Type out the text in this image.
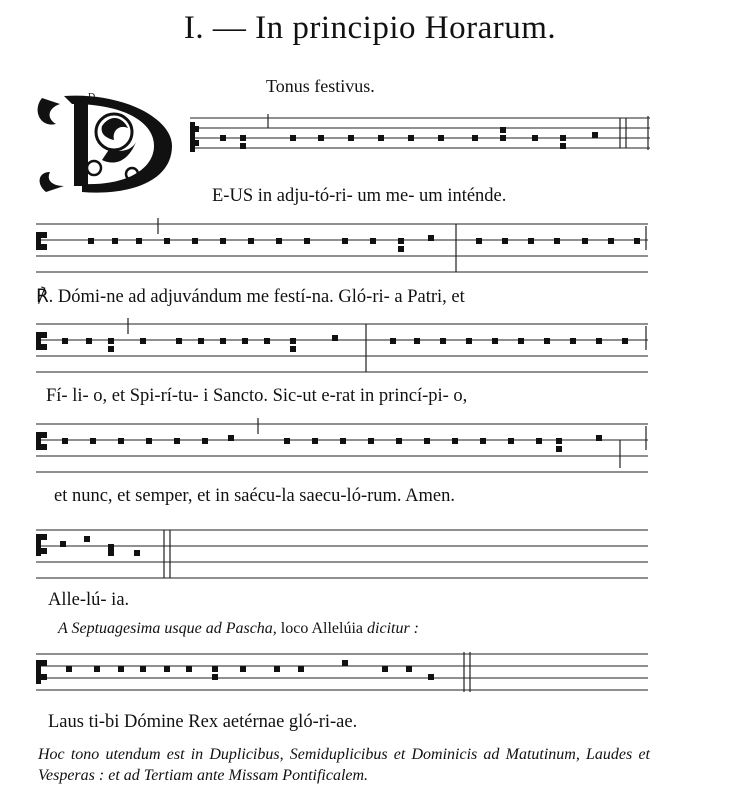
I. — In principio Horarum.
Tonus festivus.
D
E-US in adju-tó-ri- um me- um inténde.
℟. Dómi-ne ad adjuvándum me festí-na. Gló-ri- a Patri, et
Fí- li- o, et Spi-rí-tu- i Sancto. Sic-ut e-rat in princí-pi- o,
et nunc, et semper, et in saécu-la saecu-ló-rum. Amen.
Alle-lú- ia.
A Septuagesima usque ad Pascha, loco Allelúia dicitur :
Laus ti-bi Dómine Rex aetérnae gló-ri-ae.
Hoc tono utendum est in Duplicibus, Semiduplicibus et Dominicis ad Matutinum, Laudes et Vesperas : et ad Tertiam ante Missam Pontificalem.
